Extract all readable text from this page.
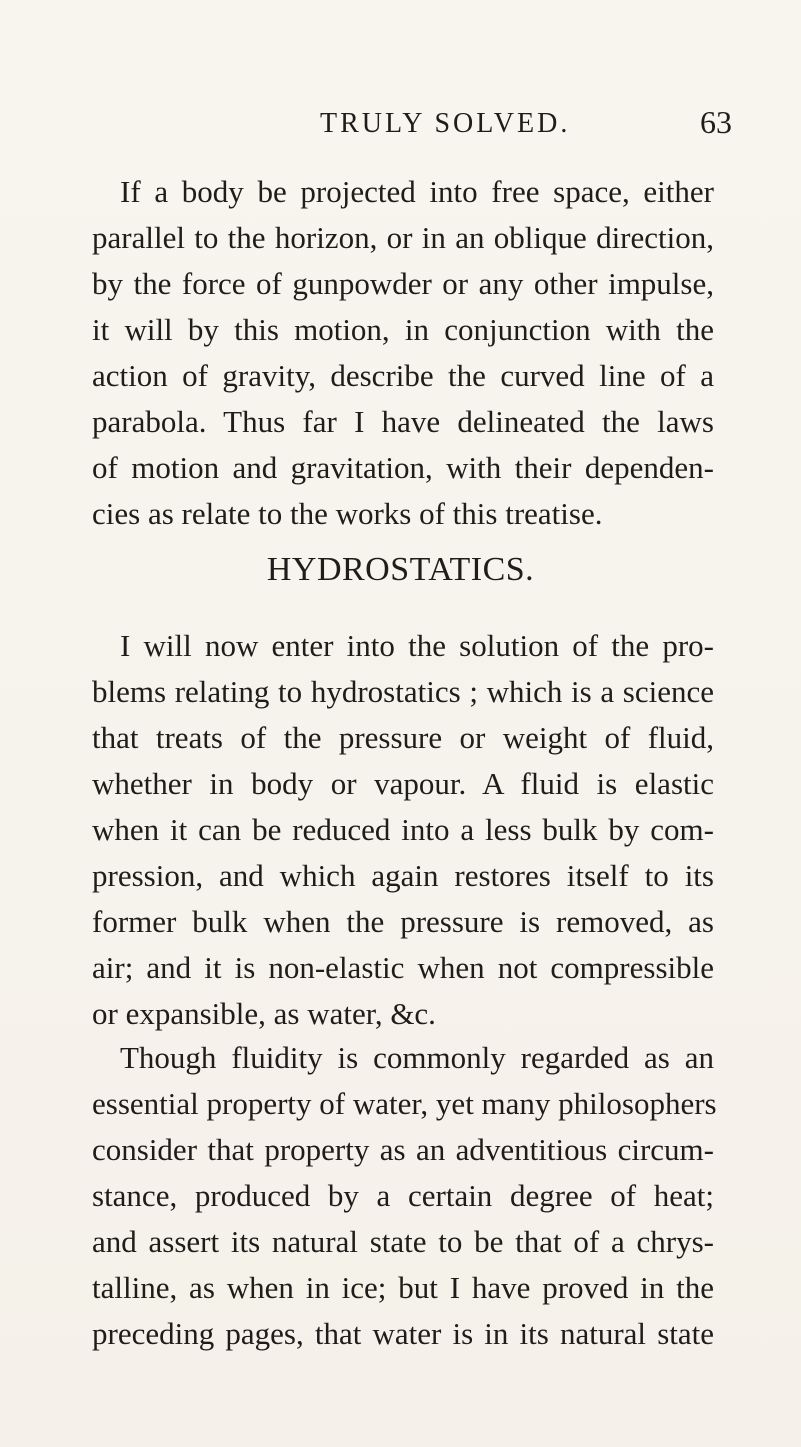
TRULY SOLVED.	63
If a body be projected into free space, either
parallel to the horizon, or in an oblique direction,
by the force of gunpowder or any other impulse,
it will by this motion, in conjunction with the
action of gravity, describe the curved line of a
parabola. Thus far I have delineated the laws
of motion and gravitation, with their dependen-
cies as relate to the works of this treatise.
HYDROSTATICS.
I will now enter into the solution of the pro-
blems relating to hydrostatics ; which is a science
that treats of the pressure or weight of fluid,
whether in body or vapour. A fluid is elastic
when it can be reduced into a less bulk by com-
pression, and which again restores itself to its
former bulk when the pressure is removed, as
air; and it is non-elastic when not compressible
or expansible, as water, &c.
Though fluidity is commonly regarded as an
essential property of water, yet many philosophers
consider that property as an adventitious circum-
stance, produced by a certain degree of heat;
and assert its natural state to be that of a chrys-
talline, as when in ice; but I have proved in the
preceding pages, that water is in its natural state
